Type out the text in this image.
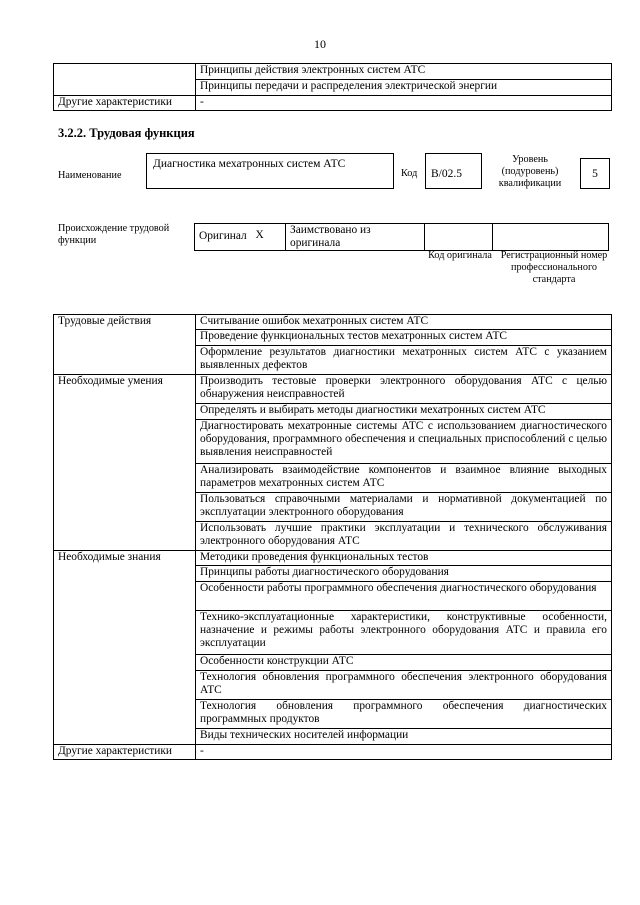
10
	Принципы действия электронных систем АТС
	Принципы передачи и распределения электрической энергии
Другие характеристики	-
3.2.2. Трудовая функция
Наименование
Диагностика мехатронных систем АТС
Код B/02.5
Уровень (подуровень) квалификации
5
Происхождение трудовой функции	Оригинал	X	Заимствовано из оригинала		
Код оригинала Регистрационный номер профессионального стандарта
Трудовые действия	Считывание ошибок мехатронных систем АТС
	Проведение функциональных тестов мехатронных систем АТС
	Оформление результатов диагностики мехатронных систем АТС с указанием выявленных дефектов
Необходимые умения	Производить тестовые проверки электронного оборудования АТС с целью обнаружения неисправностей
	Определять и выбирать методы диагностики мехатронных систем АТС
	Диагностировать мехатронные системы АТС с использованием диагностического оборудования, программного обеспечения и специальных приспособлений с целью выявления неисправностей
	Анализировать взаимодействие компонентов и взаимное влияние выходных параметров мехатронных систем АТС
	Пользоваться справочными материалами и нормативной документацией по эксплуатации электронного оборудования
	Использовать лучшие практики эксплуатации и технического обслуживания электронного оборудования АТС
Необходимые знания	Методики проведения функциональных тестов
	Принципы работы диагностического оборудования
	Особенности работы программного обеспечения диагностического оборудования
	Технико-эксплуатационные характеристики, конструктивные особенности, назначение и режимы работы электронного оборудования АТС и правила его эксплуатации
	Особенности конструкции АТС
	Технология обновления программного обеспечения электронного оборудования АТС
	Технология обновления программного обеспечения диагностических программных продуктов
	Виды технических носителей информации
Другие характеристики	-
